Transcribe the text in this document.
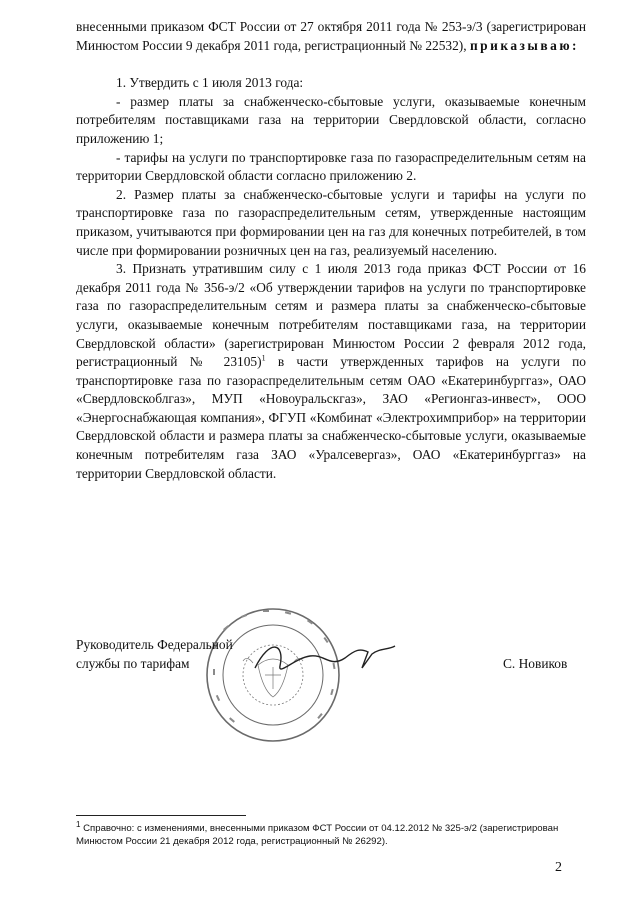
внесенными приказом ФСТ России от 27 октября 2011 года № 253-э/3 (зарегистрирован Минюстом России 9 декабря 2011 года, регистрационный № 22532), приказываю:

1. Утвердить с 1 июля 2013 года:

- размер платы за снабженческо-сбытовые услуги, оказываемые конечным потребителям поставщиками газа на территории Свердловской области, согласно приложению 1;

- тарифы на услуги по транспортировке газа по газораспределительным сетям на территории Свердловской области согласно приложению 2.

2. Размер платы за снабженческо-сбытовые услуги и тарифы на услуги по транспортировке газа по газораспределительным сетям, утвержденные настоящим приказом, учитываются при формировании цен на газ для конечных потребителей, в том числе при формировании розничных цен на газ, реализуемый населению.

3. Признать утратившим силу с 1 июля 2013 года приказ ФСТ России от 16 декабря 2011 года № 356-э/2 «Об утверждении тарифов на услуги по транспортировке газа по газораспределительным сетям и размера платы за снабженческо-сбытовые услуги, оказываемые конечным потребителям поставщиками газа, на территории Свердловской области» (зарегистрирован Минюстом России 2 февраля 2012 года, регистрационный № 23105)$^1$ в части утвержденных тарифов на услуги по транспортировке газа по газораспределительным сетям ОАО «Екатеринбурггаз», ОАО «Свердловскоблгаз», МУП «Новоуральскгаз», ЗАО «Регионгаз-инвест», ООО «Энергоснабжающая компания», ФГУП «Комбинат «Электрохимприбор» на территории Свердловской области и размера платы за снабженческо-сбытовые услуги, оказываемые конечным потребителям газа ЗАО «Уралсевергаз», ОАО «Екатеринбурггаз» на территории Свердловской области.

Руководитель Федеральной
службы по тарифам	С. Новиков
$^1$ Справочно: с изменениями, внесенными приказом ФСТ России от 04.12.2012 № 325-э/2 (зарегистрирован Минюстом России 21 декабря 2012 года, регистрационный № 26292).
2
